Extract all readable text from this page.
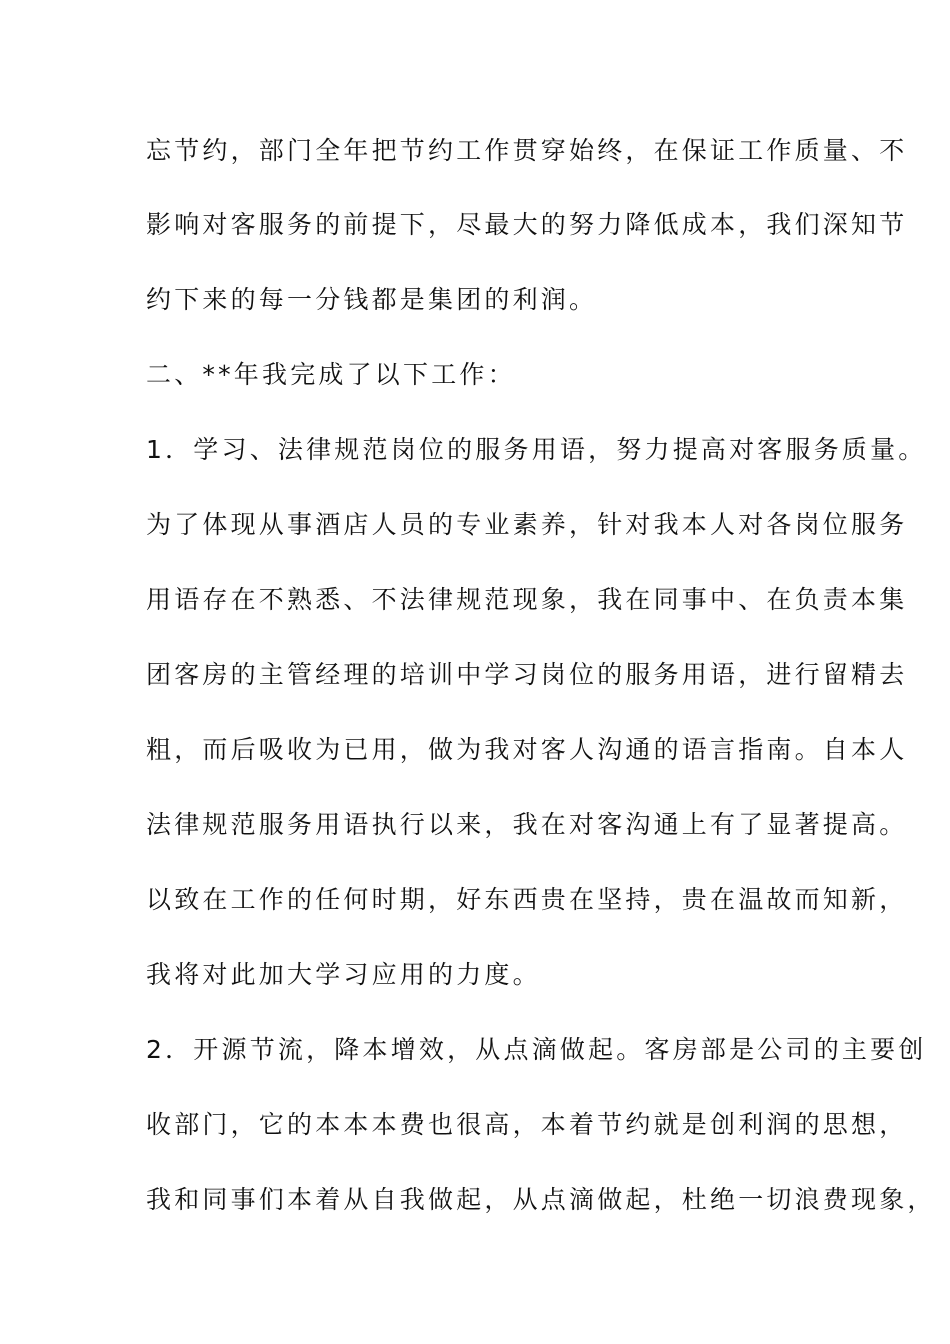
忘节约，部门全年把节约工作贯穿始终，在保证工作质量、不
影响对客服务的前提下，尽最大的努力降低成本，我们深知节
约下来的每一分钱都是集团的利润。
二、**年我完成了以下工作：
1．学习、法律规范岗位的服务用语，努力提高对客服务质量。
为了体现从事酒店人员的专业素养，针对我本人对各岗位服务
用语存在不熟悉、不法律规范现象，我在同事中、在负责本集
团客房的主管经理的培训中学习岗位的服务用语，进行留精去
粗，而后吸收为已用，做为我对客人沟通的语言指南。自本人
法律规范服务用语执行以来，我在对客沟通上有了显著提高。
以致在工作的任何时期，好东西贵在坚持，贵在温故而知新，
我将对此加大学习应用的力度。
2．开源节流，降本增效，从点滴做起。客房部是公司的主要创
收部门，它的本本本费也很高，本着节约就是创利润的思想，
我和同事们本着从自我做起，从点滴做起，杜绝一切浪费现象，
